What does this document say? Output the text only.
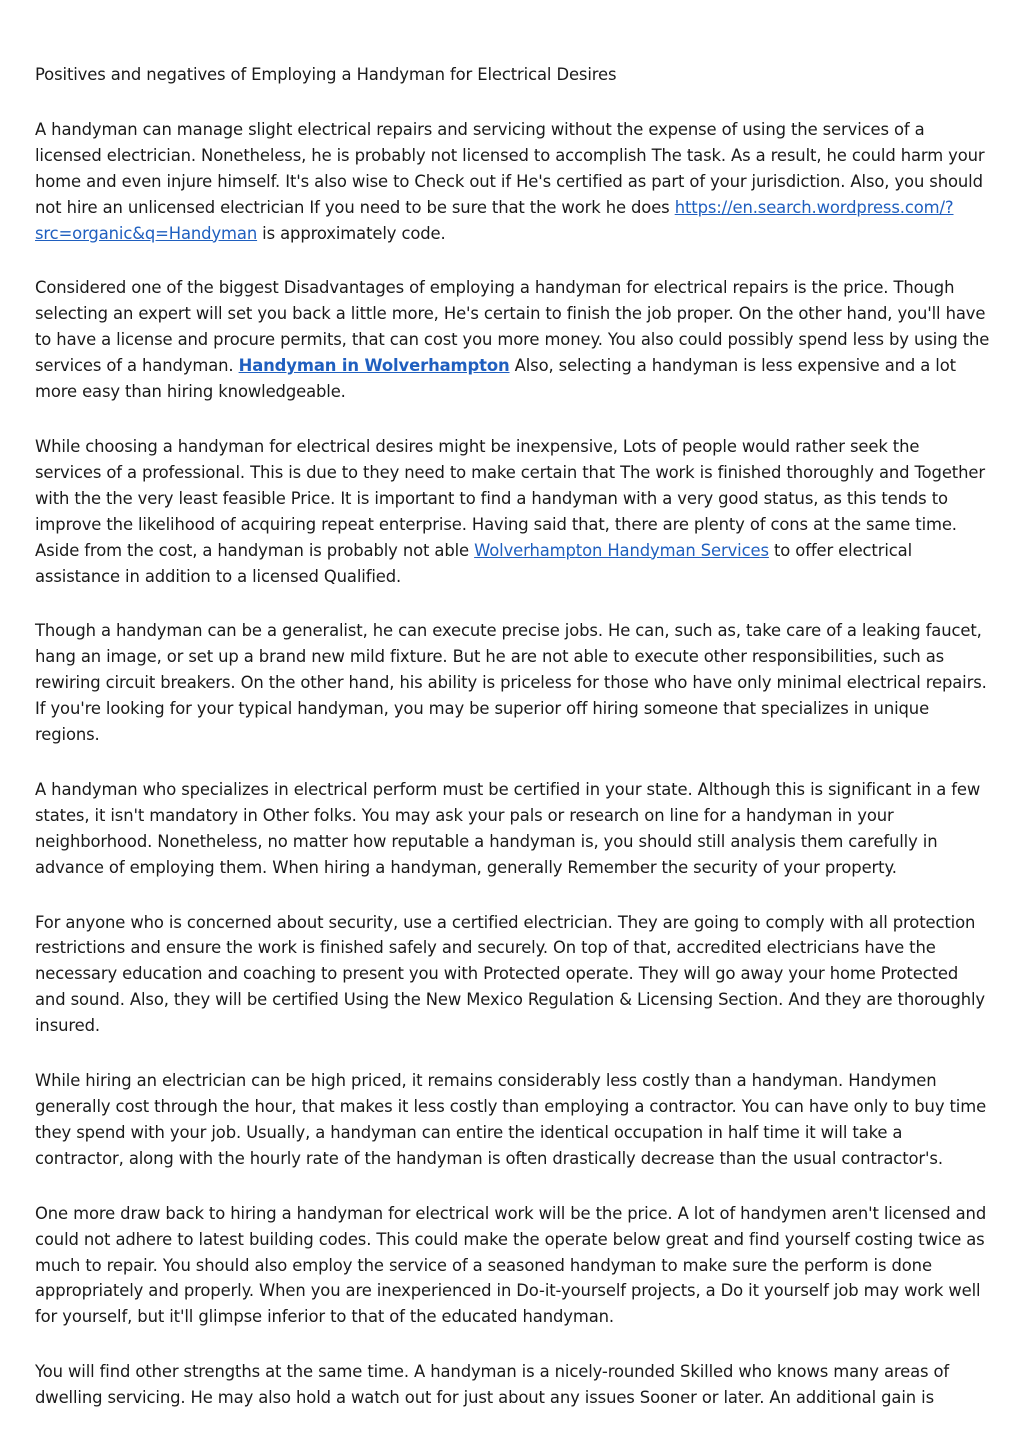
Positives and negatives of Employing a Handyman for Electrical Desires

A handyman can manage slight electrical repairs and servicing without the expense of using the services of a licensed electrician. Nonetheless, he is probably not licensed to accomplish The task. As a result, he could harm your home and even injure himself. It's also wise to Check out if He's certified as part of your jurisdiction. Also, you should not hire an unlicensed electrician If you need to be sure that the work he does https://en.search.wordpress.com/?src=organic&q=Handyman is approximately code.

Considered one of the biggest Disadvantages of employing a handyman for electrical repairs is the price. Though selecting an expert will set you back a little more, He's certain to finish the job proper. On the other hand, you'll have to have a license and procure permits, that can cost you more money. You also could possibly spend less by using the services of a handyman. Handyman in Wolverhampton Also, selecting a handyman is less expensive and a lot more easy than hiring knowledgeable.

While choosing a handyman for electrical desires might be inexpensive, Lots of people would rather seek the services of a professional. This is due to they need to make certain that The work is finished thoroughly and Together with the the very least feasible Price. It is important to find a handyman with a very good status, as this tends to improve the likelihood of acquiring repeat enterprise. Having said that, there are plenty of cons at the same time. Aside from the cost, a handyman is probably not able Wolverhampton Handyman Services to offer electrical assistance in addition to a licensed Qualified.

Though a handyman can be a generalist, he can execute precise jobs. He can, such as, take care of a leaking faucet, hang an image, or set up a brand new mild fixture. But he are not able to execute other responsibilities, such as rewiring circuit breakers. On the other hand, his ability is priceless for those who have only minimal electrical repairs. If you're looking for your typical handyman, you may be superior off hiring someone that specializes in unique regions.

A handyman who specializes in electrical perform must be certified in your state. Although this is significant in a few states, it isn't mandatory in Other folks. You may ask your pals or research on line for a handyman in your neighborhood. Nonetheless, no matter how reputable a handyman is, you should still analysis them carefully in advance of employing them. When hiring a handyman, generally Remember the security of your property.

For anyone who is concerned about security, use a certified electrician. They are going to comply with all protection restrictions and ensure the work is finished safely and securely. On top of that, accredited electricians have the necessary education and coaching to present you with Protected operate. They will go away your home Protected and sound. Also, they will be certified Using the New Mexico Regulation & Licensing Section. And they are thoroughly insured.

While hiring an electrician can be high priced, it remains considerably less costly than a handyman. Handymen generally cost through the hour, that makes it less costly than employing a contractor. You can have only to buy time they spend with your job. Usually, a handyman can entire the identical occupation in half time it will take a contractor, along with the hourly rate of the handyman is often drastically decrease than the usual contractor's.

One more draw back to hiring a handyman for electrical work will be the price. A lot of handymen aren't licensed and could not adhere to latest building codes. This could make the operate below great and find yourself costing twice as much to repair. You should also employ the service of a seasoned handyman to make sure the perform is done appropriately and properly. When you are inexperienced in Do-it-yourself projects, a Do it yourself job may work well for yourself, but it'll glimpse inferior to that of the educated handyman.

You will find other strengths at the same time. A handyman is a nicely-rounded Skilled who knows many areas of dwelling servicing. He may also hold a watch out for just about any issues Sooner or later. An additional gain is
